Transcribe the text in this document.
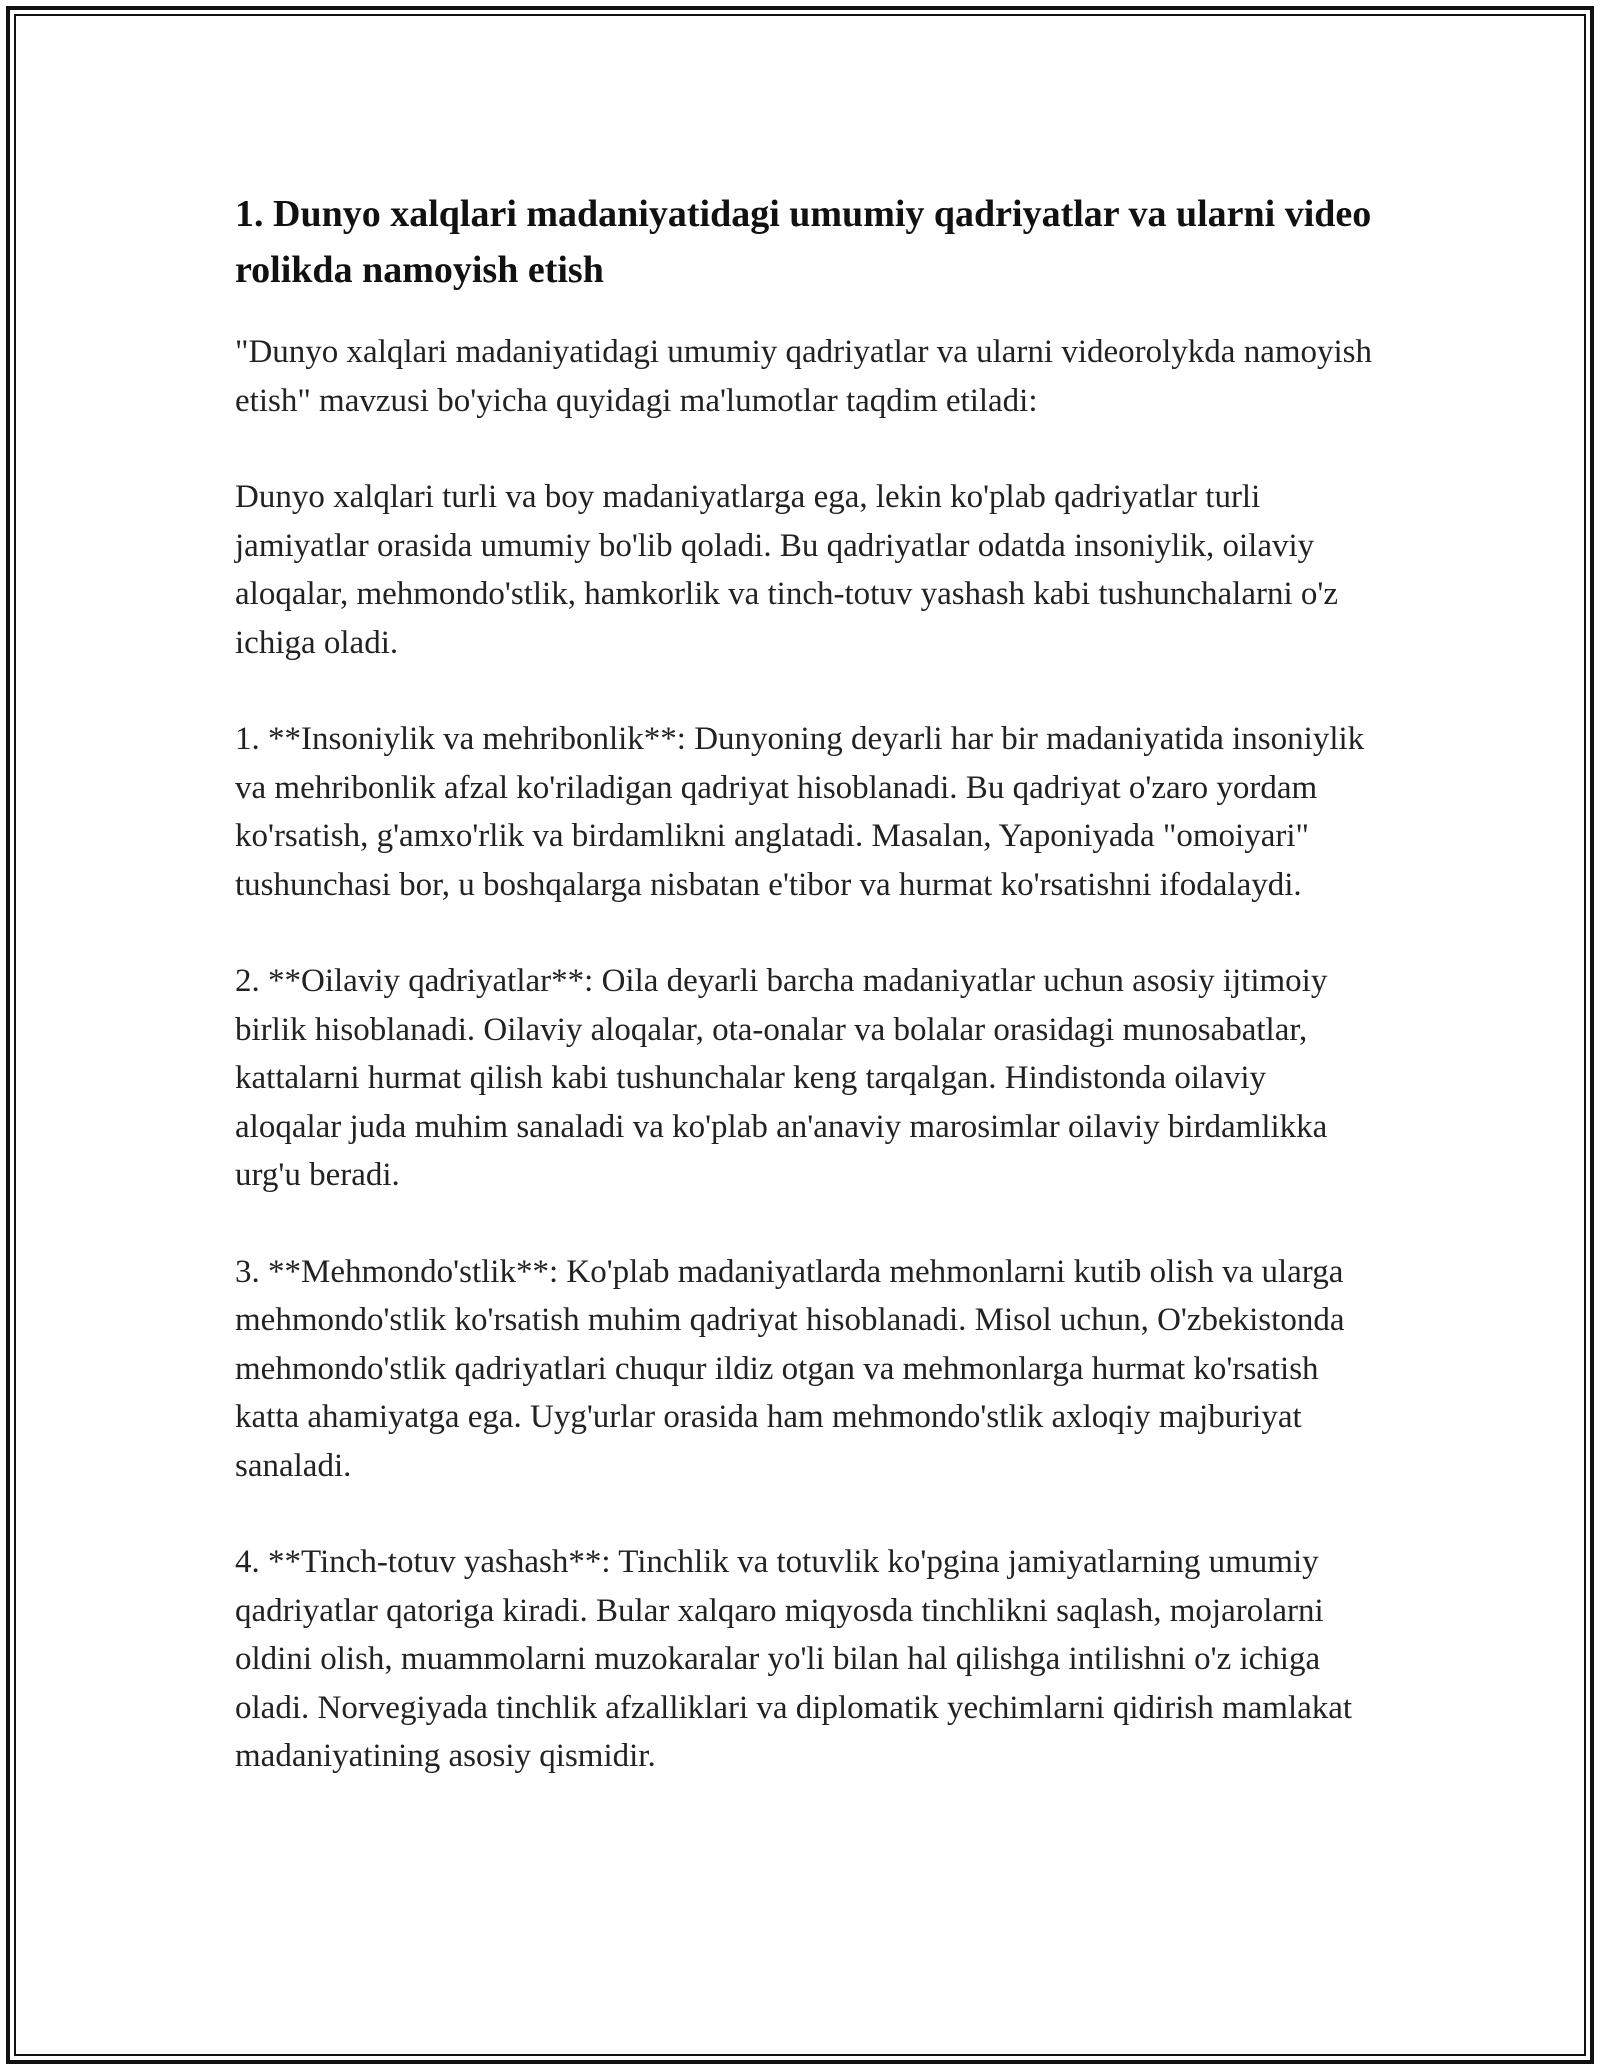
1. Dunyo xalqlari madaniyatidagi umumiy qadriyatlar va ularni video rolikda namoyish etish

"Dunyo xalqlari madaniyatidagi umumiy qadriyatlar va ularni videorolykda namoyish etish" mavzusi bo'yicha quyidagi ma'lumotlar taqdim etiladi:

Dunyo xalqlari turli va boy madaniyatlarga ega, lekin ko'plab qadriyatlar turli jamiyatlar orasida umumiy bo'lib qoladi. Bu qadriyatlar odatda insoniylik, oilaviy aloqalar, mehmondo'stlik, hamkorlik va tinch-totuv yashash kabi tushunchalarni o'z ichiga oladi.

1. **Insoniylik va mehribonlik**: Dunyoning deyarli har bir madaniyatida insoniylik va mehribonlik afzal ko'riladigan qadriyat hisoblanadi. Bu qadriyat o'zaro yordam ko'rsatish, g'amxo'rlik va birdamlikni anglatadi. Masalan, Yaponiyada "omoiyari" tushunchasi bor, u boshqalarga nisbatan e'tibor va hurmat ko'rsatishni ifodalaydi.

2. **Oilaviy qadriyatlar**: Oila deyarli barcha madaniyatlar uchun asosiy ijtimoiy birlik hisoblanadi. Oilaviy aloqalar, ota-onalar va bolalar orasidagi munosabatlar, kattalarni hurmat qilish kabi tushunchalar keng tarqalgan. Hindistonda oilaviy aloqalar juda muhim sanaladi va ko'plab an'anaviy marosimlar oilaviy birdamlikka urg'u beradi.

3. **Mehmondo'stlik**: Ko'plab madaniyatlarda mehmonlarni kutib olish va ularga mehmondo'stlik ko'rsatish muhim qadriyat hisoblanadi. Misol uchun, O'zbekistonda mehmondo'stlik qadriyatlari chuqur ildiz otgan va mehmonlarga hurmat ko'rsatish katta ahamiyatga ega. Uyg'urlar orasida ham mehmondo'stlik axloqiy majburiyat sanaladi.

4. **Tinch-totuv yashash**: Tinchlik va totuvlik ko'pgina jamiyatlarning umumiy qadriyatlar qatoriga kiradi. Bular xalqaro miqyosda tinchlikni saqlash, mojarolarni oldini olish, muammolarni muzokaralar yo'li bilan hal qilishga intilishni o'z ichiga oladi. Norvegiyada tinchlik afzalliklari va diplomatik yechimlarni qidirish mamlakat madaniyatining asosiy qismidir.
